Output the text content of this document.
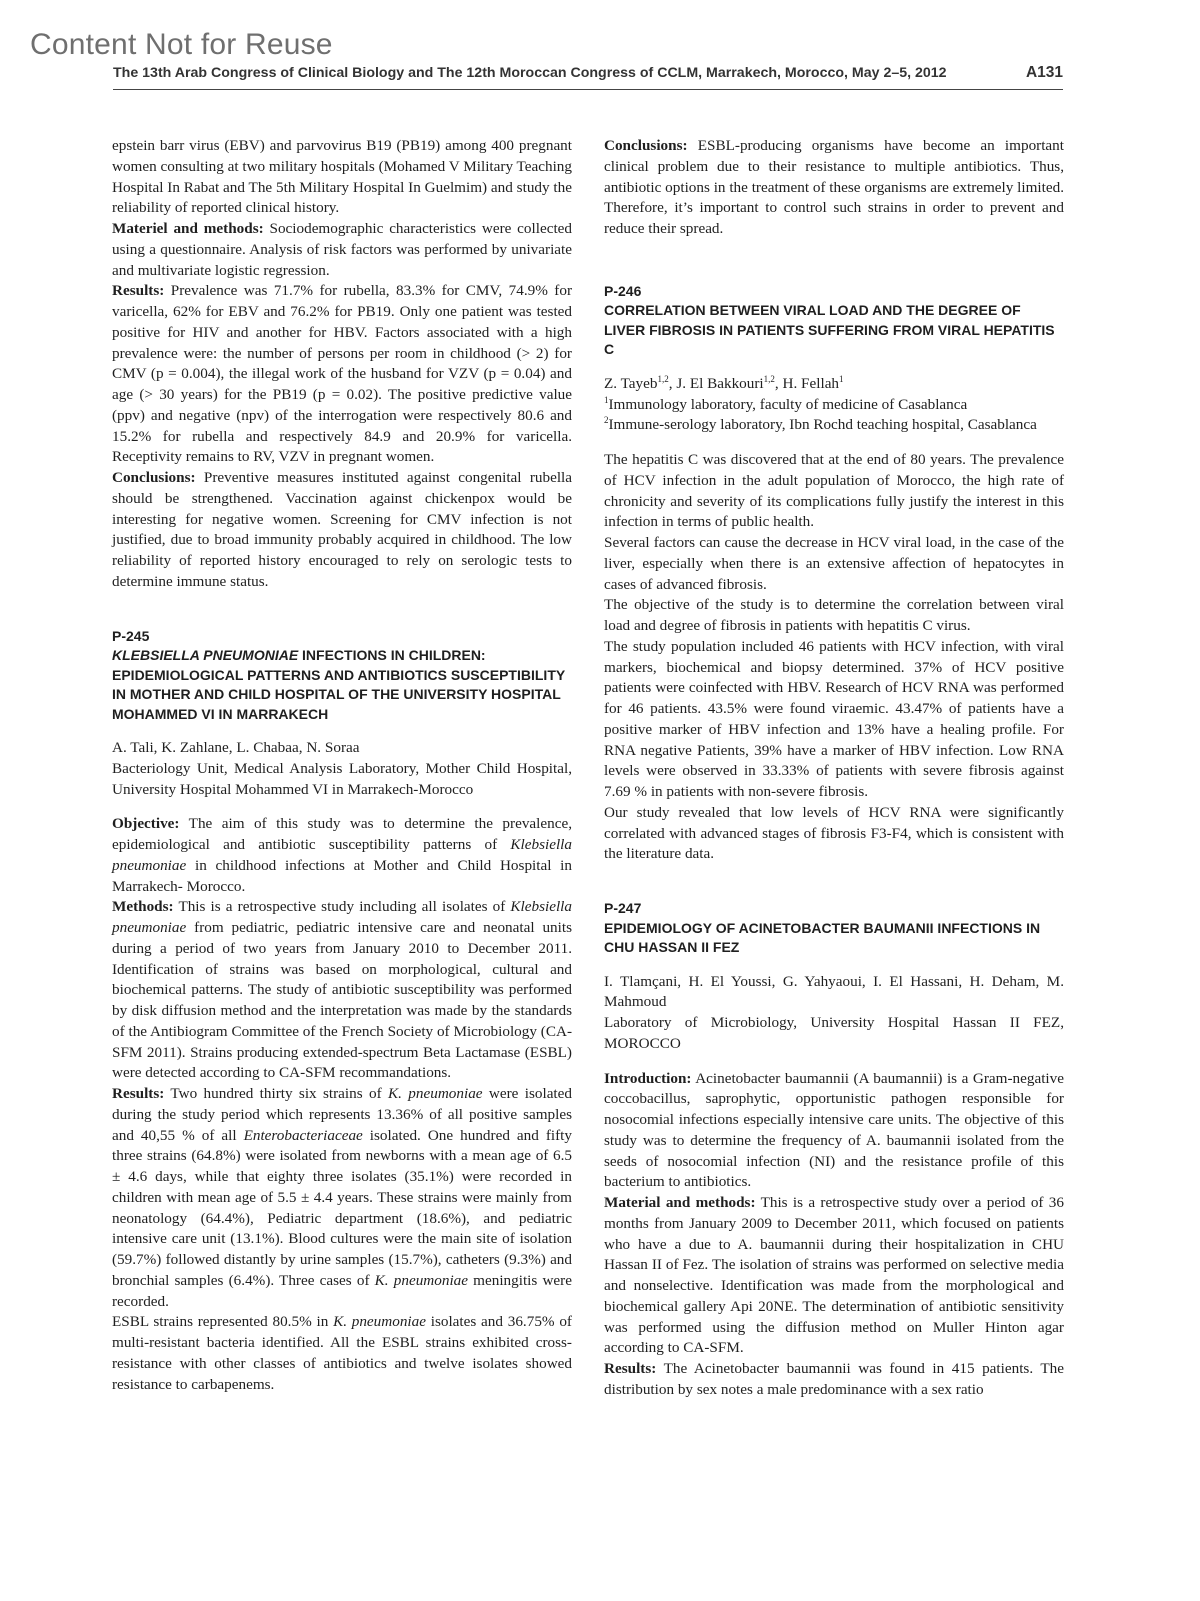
Content Not for Reuse
The 13th Arab Congress of Clinical Biology and The 12th Moroccan Congress of CCLM, Marrakech, Morocco, May 2–5, 2012	A131

epstein barr virus (EBV) and parvovirus B19 (PB19) among 400 pregnant women consulting at two military hospitals (Mohamed V Military Teaching Hospital In Rabat and The 5th Military Hospital In Guelmim) and study the reliability of reported clinical history.

Materiel and methods: Sociodemographic characteristics were collected using a questionnaire. Analysis of risk factors was performed by univariate and multivariate logistic regression.

Results: Prevalence was 71.7% for rubella, 83.3% for CMV, 74.9% for varicella, 62% for EBV and 76.2% for PB19. Only one patient was tested positive for HIV and another for HBV. Factors associated with a high prevalence were: the number of persons per room in childhood (> 2) for CMV (p = 0.004), the illegal work of the husband for VZV (p = 0.04) and age (> 30 years) for the PB19 (p = 0.02). The positive predictive value (ppv) and negative (npv) of the interrogation were respectively 80.6 and 15.2% for rubella and respectively 84.9 and 20.9% for varicella. Receptivity remains to RV, VZV in pregnant women.

Conclusions: Preventive measures instituted against congenital rubella should be strengthened. Vaccination against chickenpox would be interesting for negative women. Screening for CMV infection is not justified, due to broad immunity probably acquired in childhood. The low reliability of reported history encouraged to rely on serologic tests to determine immune status.

P-245
KLEBSIELLA PNEUMONIAE INFECTIONS IN CHILDREN: EPIDEMIOLOGICAL PATTERNS AND ANTIBIOTICS SUSCEPTIBILITY IN MOTHER AND CHILD HOSPITAL OF THE UNIVERSITY HOSPITAL MOHAMMED VI IN MARRAKECH

A. Tali, K. Zahlane, L. Chabaa, N. Soraa

Bacteriology Unit, Medical Analysis Laboratory, Mother Child Hospital, University Hospital Mohammed VI in Marrakech-Morocco

Objective: The aim of this study was to determine the prevalence, epidemiological and antibiotic susceptibility patterns of Klebsiella pneumoniae in childhood infections at Mother and Child Hospital in Marrakech- Morocco.

Methods: This is a retrospective study including all isolates of Klebsiella pneumoniae from pediatric, pediatric intensive care and neonatal units during a period of two years from January 2010 to December 2011. Identification of strains was based on morphological, cultural and biochemical patterns. The study of antibiotic susceptibility was performed by disk diffusion method and the interpretation was made by the standards of the Antibiogram Committee of the French Society of Microbiology (CA-SFM 2011). Strains producing extended-spectrum Beta Lactamase (ESBL) were detected according to CA-SFM recommandations.

Results: Two hundred thirty six strains of K. pneumoniae were isolated during the study period which represents 13.36% of all positive samples and 40,55 % of all Enterobacteriaceae isolated. One hundred and fifty three strains (64.8%) were isolated from newborns with a mean age of 6.5 ± 4.6 days, while that eighty three isolates (35.1%) were recorded in children with mean age of 5.5 ± 4.4 years. These strains were mainly from neonatology (64.4%), Pediatric department (18.6%), and pediatric intensive care unit (13.1%). Blood cultures were the main site of isolation (59.7%) followed distantly by urine samples (15.7%), catheters (9.3%) and bronchial samples (6.4%). Three cases of K. pneumoniae meningitis were recorded.

ESBL strains represented 80.5% in K. pneumoniae isolates and 36.75% of multi-resistant bacteria identified. All the ESBL strains exhibited cross-resistance with other classes of antibiotics and twelve isolates showed resistance to carbapenems.

Conclusions: ESBL-producing organisms have become an important clinical problem due to their resistance to multiple antibiotics. Thus, antibiotic options in the treatment of these organisms are extremely limited. Therefore, it’s important to control such strains in order to prevent and reduce their spread.

P-246
CORRELATION BETWEEN VIRAL LOAD AND THE DEGREE OF LIVER FIBROSIS IN PATIENTS SUFFERING FROM VIRAL HEPATITIS C

Z. Tayeb$^{1,2}$, J. El Bakkouri$^{1,2}$, H. Fellah$^1$

$^1$Immunology laboratory, faculty of medicine of Casablanca

$^2$Immune-serology laboratory, Ibn Rochd teaching hospital, Casablanca

The hepatitis C was discovered that at the end of 80 years. The prevalence of HCV infection in the adult population of Morocco, the high rate of chronicity and severity of its complications fully justify the interest in this infection in terms of public health.

Several factors can cause the decrease in HCV viral load, in the case of the liver, especially when there is an extensive affection of hepatocytes in cases of advanced fibrosis.

The objective of the study is to determine the correlation between viral load and degree of fibrosis in patients with hepatitis C virus.

The study population included 46 patients with HCV infection, with viral markers, biochemical and biopsy determined. 37% of HCV positive patients were coinfected with HBV. Research of HCV RNA was performed for 46 patients. 43.5% were found viraemic. 43.47% of patients have a positive marker of HBV infection and 13% have a healing profile. For RNA negative Patients, 39% have a marker of HBV infection. Low RNA levels were observed in 33.33% of patients with severe fibrosis against 7.69 % in patients with non-severe fibrosis.

Our study revealed that low levels of HCV RNA were significantly correlated with advanced stages of fibrosis F3-F4, which is consistent with the literature data.

P-247
EPIDEMIOLOGY OF ACINETOBACTER BAUMANII INFECTIONS IN CHU HASSAN II FEZ

I. Tlamçani, H. El Youssi, G. Yahyaoui, I. El Hassani, H. Deham, M. Mahmoud

Laboratory of Microbiology, University Hospital Hassan II FEZ, MOROCCO

Introduction: Acinetobacter baumannii (A baumannii) is a Gram-negative coccobacillus, saprophytic, opportunistic pathogen responsible for nosocomial infections especially intensive care units. The objective of this study was to determine the frequency of A. baumannii isolated from the seeds of nosocomial infection (NI) and the resistance profile of this bacterium to antibiotics.

Material and methods: This is a retrospective study over a period of 36 months from January 2009 to December 2011, which focused on patients who have a due to A. baumannii during their hospitalization in CHU Hassan II of Fez. The isolation of strains was performed on selective media and nonselective. Identification was made from the morphological and biochemical gallery Api 20NE. The determination of antibiotic sensitivity was performed using the diffusion method on Muller Hinton agar according to CA-SFM.

Results: The Acinetobacter baumannii was found in 415 patients. The distribution by sex notes a male predominance with a sex ratio
